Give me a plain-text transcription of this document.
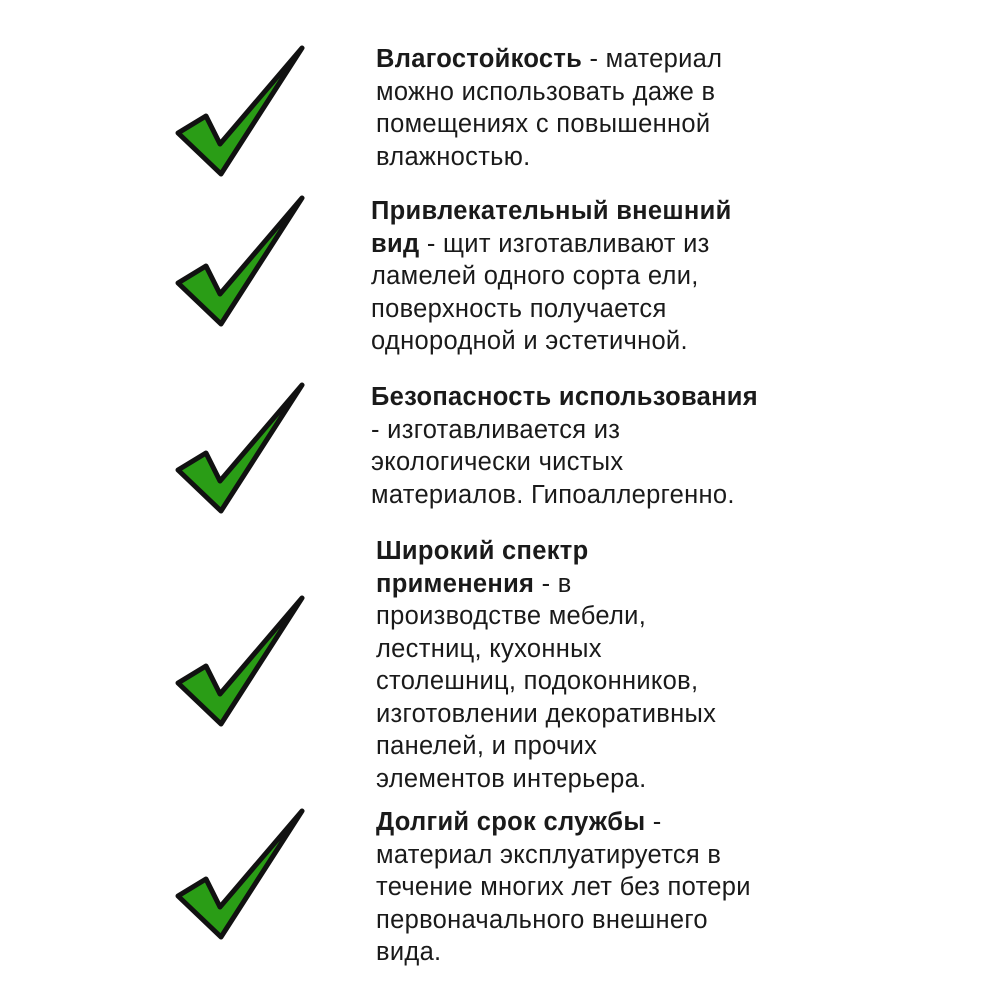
Влагостойкость - материал
можно использовать даже в
помещениях с повышенной
влажностью.
Привлекательный внешний
вид - щит изготавливают из
ламелей одного сорта ели,
поверхность получается
однородной и эстетичной.
Безопасность использования
- изготавливается из
экологически чистых
материалов. Гипоаллергенно.
Широкий спектр
применения - в
производстве мебели,
лестниц, кухонных
столешниц, подоконников,
изготовлении декоративных
панелей, и прочих
элементов интерьера.
Долгий срок службы -
материал эксплуатируется в
течение многих лет без потери
первоначального внешнего
вида.
